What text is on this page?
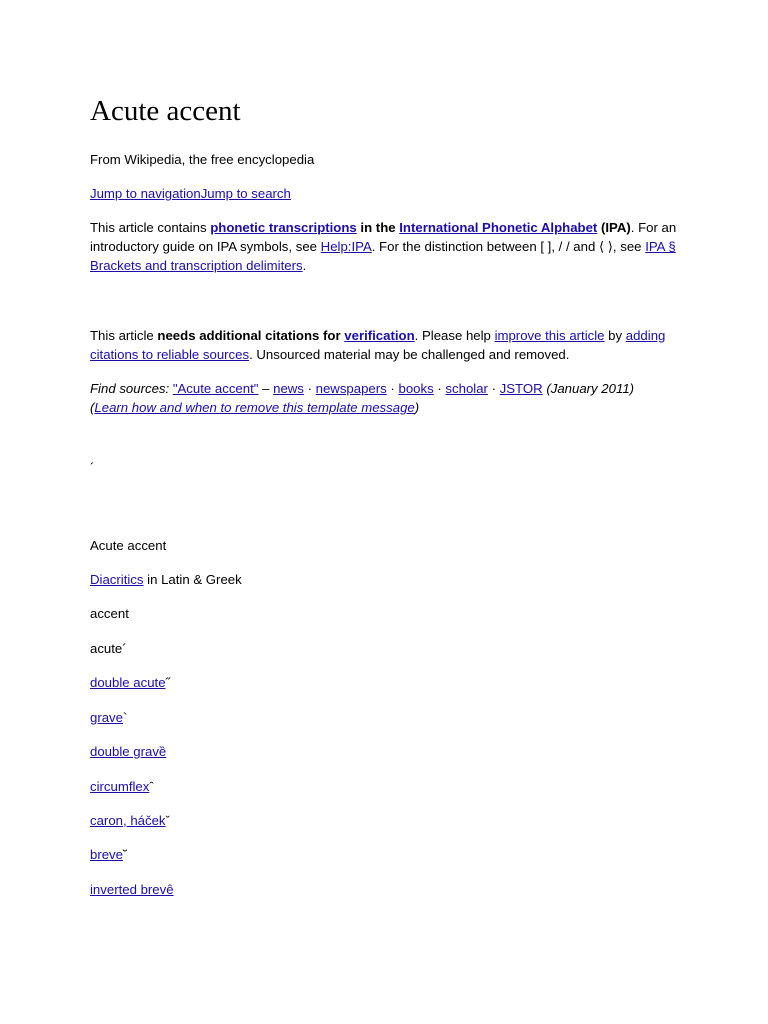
Acute accent
From Wikipedia, the free encyclopedia
Jump to navigationJump to search
This article contains phonetic transcriptions in the International Phonetic Alphabet (IPA). For an introductory guide on IPA symbols, see Help:IPA. For the distinction between [ ], / / and ⟨ ⟩, see IPA § Brackets and transcription delimiters.
This article needs additional citations for verification. Please help improve this article by adding citations to reliable sources. Unsourced material may be challenged and removed.
Find sources: "Acute accent" – news · newspapers · books · scholar · JSTOR (January 2011)
(Learn how and when to remove this template message)
´
Acute accent
Diacritics in Latin & Greek
accent
acute´
double acute˝
grave`
double grave
circumflexˆ
caron, háčekˇ
breve˘
inverted breve
